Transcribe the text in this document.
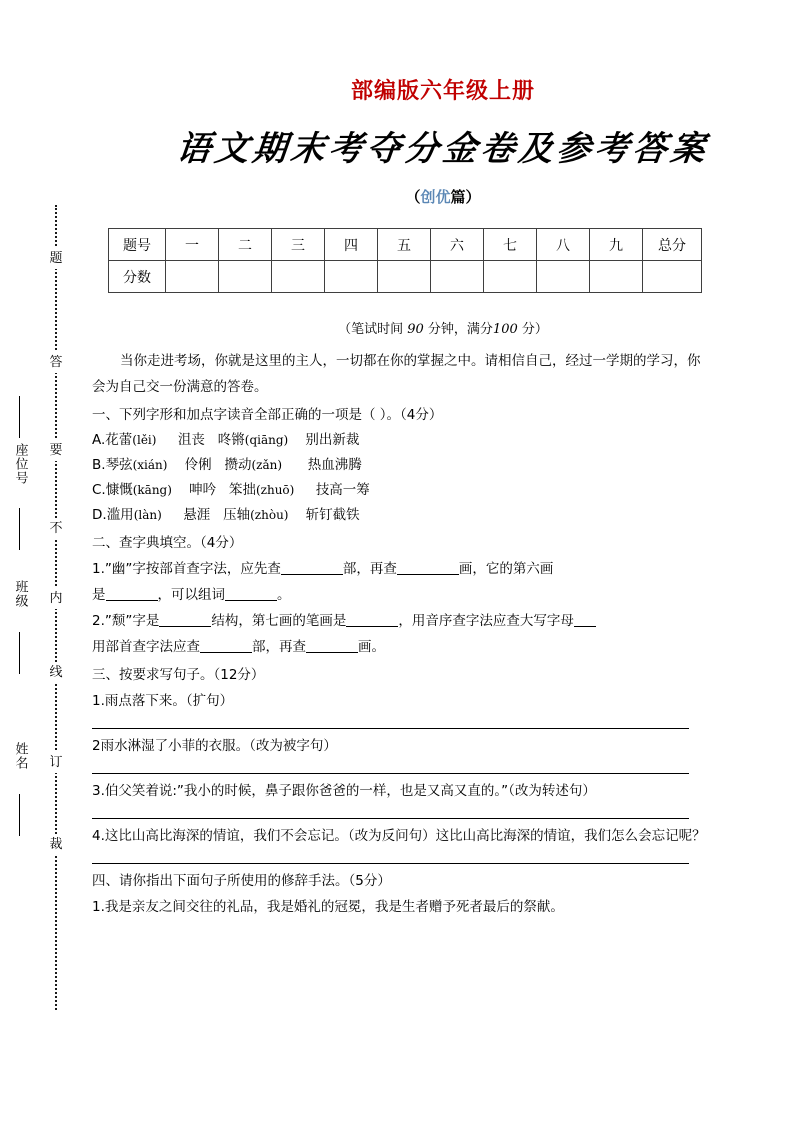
题
答
要
不
内
线
订
裁
座位号
班级
姓名
部编版六年级上册
语文期末考夺分金卷及参考答案
（创优篇）
题号	一	二	三	四	五	六	七	八	九	总分
分数										
（笔试时间 90 分钟，满分100 分）

当你走进考场，你就是这里的主人，一切都在你的掌握之中。请相信自己，经过一学期的学习，你会为自己交一份满意的答卷。

一、下列字形和加点字读音全部正确的一项是（ ）。（4分）

A.花蕾(lěi) 沮丧 咚锵(qiāng) 别出新裁

B.琴弦(xián) 伶俐 攒动(zǎn) 热血沸腾

C.慷慨(kāng) 呻吟 笨拙(zhuō) 技高一筹

D.滥用(làn) 悬涯 压轴(zhòu) 斩钉截铁

二、查字典填空。（4分）

1.”幽”字按部首查字法，应先查	部，再查	画，它的第六画

是	，可以组词	。

2.”颓”字是	结构，第七画的笔画是	，用音序查字法应查大写字母

用部首查字法应查	部，再查	画。

三、按要求写句子。（12分）

1.雨点落下来。（扩句）

2雨水淋湿了小菲的衣服。（改为被字句）

3.伯父笑着说:”我小的时候，鼻子跟你爸爸的一样，也是又高又直的。”（改为转述句）

4.这比山高比海深的情谊，我们不会忘记。（改为反问句）这比山高比海深的情谊，我们怎么会忘记呢？

四、请你指出下面句子所使用的修辞手法。（5分）

1.我是亲友之间交往的礼品，我是婚礼的冠冕，我是生者赠予死者最后的祭献。
